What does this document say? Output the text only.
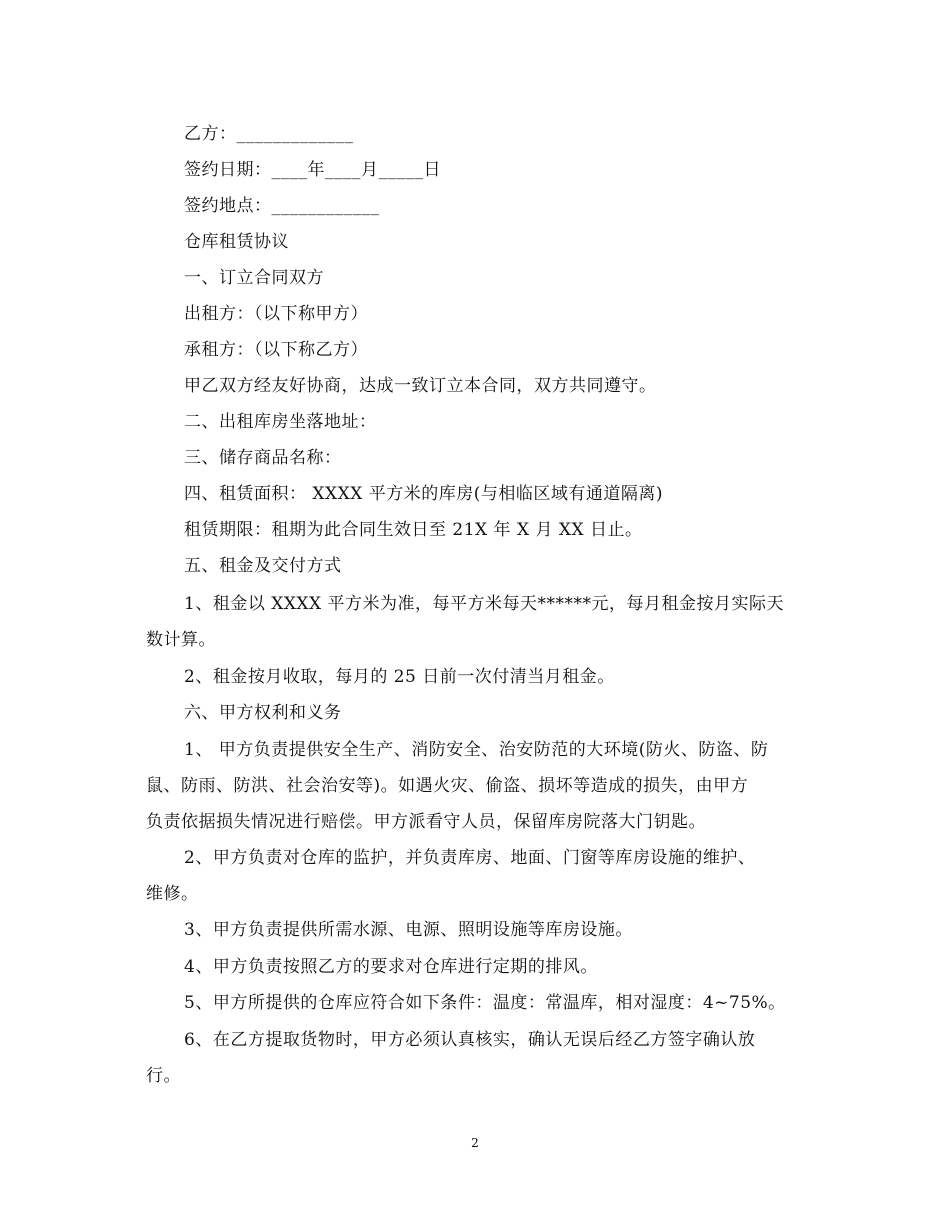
乙方：_____________
签约日期：____年____月_____日
签约地点：____________
仓库租赁协议
一、订立合同双方
出租方：（以下称甲方）
承租方：（以下称乙方）
甲乙双方经友好协商，达成一致订立本合同，双方共同遵守。
二、出租库房坐落地址：
三、储存商品名称：
四、租赁面积： XXXX 平方米的库房(与相临区域有通道隔离)
租赁期限：租期为此合同生效日至 21X 年 X 月 XX 日止。
五、租金及交付方式
1、租金以 XXXX 平方米为准，每平方米每天******元，每月租金按月实际天
数计算。
2、租金按月收取，每月的 25 日前一次付清当月租金。
六、甲方权利和义务
1、 甲方负责提供安全生产、消防安全、治安防范的大环境(防火、防盗、防
鼠、防雨、防洪、社会治安等)。如遇火灾、偷盗、损坏等造成的损失，由甲方
负责依据损失情况进行赔偿。甲方派看守人员，保留库房院落大门钥匙。
2、甲方负责对仓库的监护，并负责库房、地面、门窗等库房设施的维护、
维修。
3、甲方负责提供所需水源、电源、照明设施等库房设施。
4、甲方负责按照乙方的要求对仓库进行定期的排风。
5、甲方所提供的仓库应符合如下条件：温度：常温库，相对湿度：4~75%。
6、在乙方提取货物时，甲方必须认真核实，确认无误后经乙方签字确认放
行。
2
